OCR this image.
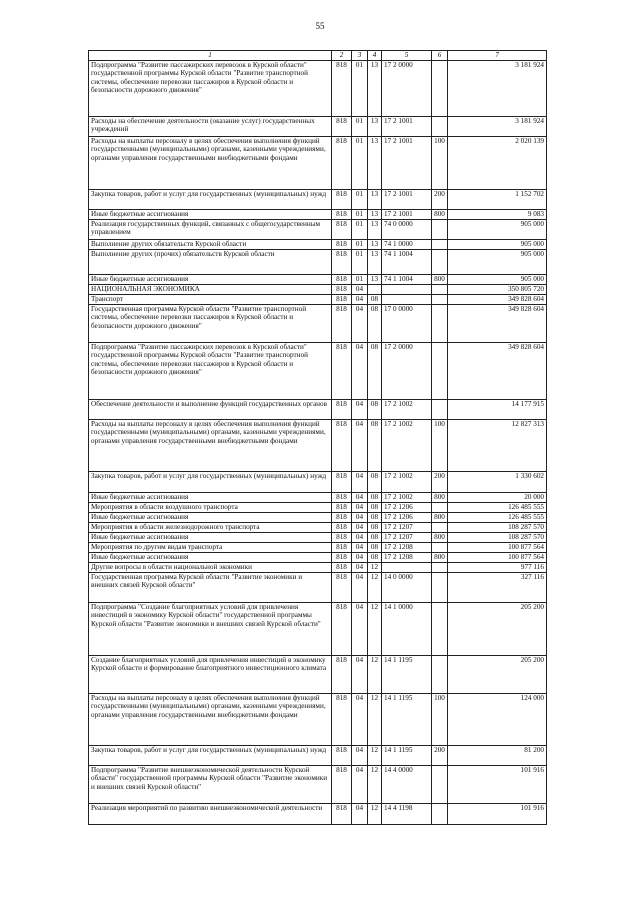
55
1	2	3	4	5	6	7
Подпрограмма "Развитие пассажирских перевозок в Курской области" государственной программы Курской области "Развитие транспортной системы, обеспечение перевозки пассажиров в Курской области и безопасности дорожного движения"	818	01	13	17 2 0000		3 181 924
Расходы на обеспечение деятельности (оказание услуг) государственных учреждений	818	01	13	17 2 1001		3 181 924
Расходы на выплаты персоналу в целях обеспечения выполнения функций государственными (муниципальными) органами, казенными учреждениями, органами управления государственными внебюджетными фондами	818	01	13	17 2 1001	100	2 020 139
Закупка товаров, работ и услуг для государственных (муниципальных) нужд	818	01	13	17 2 1001	200	1 152 702
Иные бюджетные ассигнования	818	01	13	17 2 1001	800	9 083
Реализация государственных функций, связанных с общегосударственным управлением	818	01	13	74 0 0000		905 000
Выполнение других обязательств Курской области	818	01	13	74 1 0000		905 000
Выполнение других (прочих) обязательств Курской области	818	01	13	74 1 1004		905 000
Иные бюджетные ассигнования	818	01	13	74 1 1004	800	905 000
НАЦИОНАЛЬНАЯ ЭКОНОМИКА	818	04				350 805 720
Транспорт	818	04	08			349 828 604
Государственная программа Курской области "Развитие транспортной системы, обеспечение перевозки пассажиров в Курской области и безопасности дорожного движения"	818	04	08	17 0 0000		349 828 604
Подпрограмма "Развитие пассажирских перевозок в Курской области" государственной программы Курской области "Развитие транспортной системы, обеспечение перевозки пассажиров в Курской области и безопасности дорожного движения"	818	04	08	17 2 0000		349 828 604
Обеспечение деятельности и выполнение функций государственных органов	818	04	08	17 2 1002		14 177 915
Расходы на выплаты персоналу в целях обеспечения выполнения функций государственными (муниципальными) органами, казенными учреждениями, органами управления государственными внебюджетными фондами	818	04	08	17 2 1002	100	12 827 313
Закупка товаров, работ и услуг для государственных (муниципальных) нужд	818	04	08	17 2 1002	200	1 330 602
Иные бюджетные ассигнования	818	04	08	17 2 1002	800	20 000
Мероприятия в области воздушного транспорта	818	04	08	17 2 1206		126 485 555
Иные бюджетные ассигнования	818	04	08	17 2 1206	800	126 485 555
Мероприятия в области железнодорожного транспорта	818	04	08	17 2 1207		108 287 570
Иные бюджетные ассигнования	818	04	08	17 2 1207	800	108 287 570
Мероприятия по другим видам транспорта	818	04	08	17 2 1208		100 877 564
Иные бюджетные ассигнования	818	04	08	17 2 1208	800	100 877 564
Другие вопросы в области национальной экономики	818	04	12			977 116
Государственная программа Курской области "Развитие экономики и внешних связей Курской области"	818	04	12	14 0 0000		327 116
Подпрограмма "Создание благоприятных условий для привлечения инвестиций в экономику Курской области" государственной программы Курской области "Развитие экономики и внешних связей Курской области"	818	04	12	14 1 0000		205 200
Создание благоприятных условий для привлечения инвестиций в экономику Курской области и формирование благоприятного инвестиционного климата	818	04	12	14 1 1195		205 200
Расходы на выплаты персоналу в целях обеспечения выполнения функций государственными (муниципальными) органами, казенными учреждениями, органами управления государственными внебюджетными фондами	818	04	12	14 1 1195	100	124 000
Закупка товаров, работ и услуг для государственных (муниципальных) нужд	818	04	12	14 1 1195	200	81 200
Подпрограмма "Развитие внешнеэкономической деятельности Курской области" государственной программы Курской области "Развитие экономики и внешних связей Курской области"	818	04	12	14 4 0000		101 916
Реализация мероприятий по развитию внешнеэкономической деятельности	818	04	12	14 4 1198		101 916
